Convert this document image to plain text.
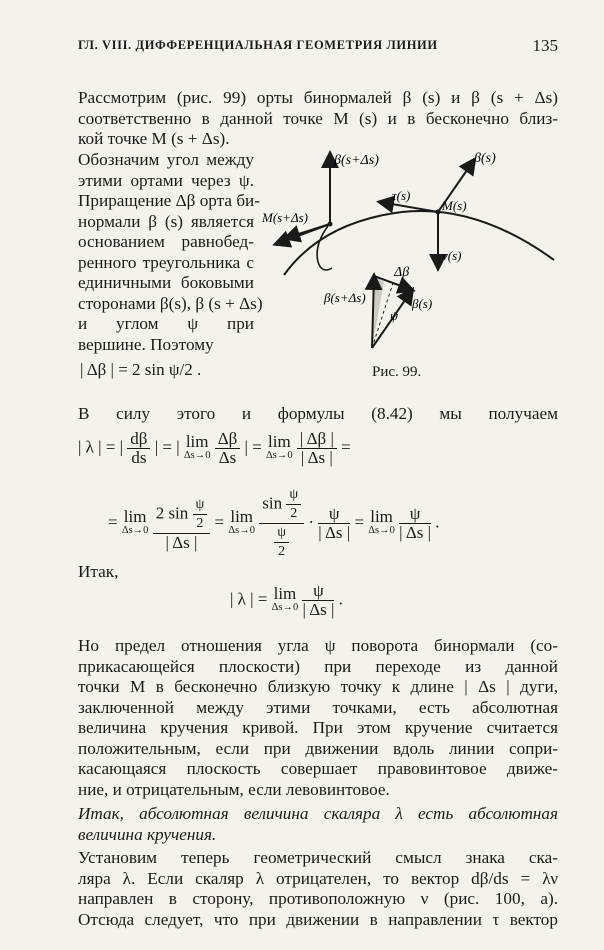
ГЛ. VIII. ДИФФЕРЕНЦИАЛЬНАЯ ГЕОМЕТРИЯ ЛИНИИ	135
Рассмотрим (рис. 99) орты бинормалей β (s) и β (s + Δs)
соответственно в данной точке M (s) и в бесконечно близ-
кой точке M (s + Δs).
Обозначим угол между
этими ортами через ψ.
Приращение Δβ орта би-
нормали β (s) является
основанием равнобед-
ренного треугольника с
единичными боковыми
сторонами β(s), β (s + Δs)
и углом ψ при
вершине. Поэтому
| Δβ | = 2 sin ψ/2 .
β(s+Δs)	β(s)
τ(s)
M(s+Δs)
M(s)
ν(s)
Δβ
β(s+Δs)	β(s)
ψ
Рис. 99.
В силу этого и формулы (8.42) мы получаем
| λ | = | $\frac{d\beta}{ds}$ | = | lim
Δs→0
$\frac{\Delta\beta}{\Delta s}$ | = lim
Δs→0
$\frac{| \Delta\beta |}{| \Delta s |}$ =
= lim
Δs→0
$\frac{2 \sin \frac{\psi}{2}}{| \Delta s |} = \lim$
Δs→0
$\frac{\sin \frac{\psi}{2}}{\frac{\psi}{2}} \cdot \frac{\psi}{| \Delta s |} = \lim$
Δs→0
$\frac{\psi}{| \Delta s |}$ .
Итак,
| λ | = lim
Δs→0
$\frac{\psi}{| \Delta s |}$ .
Но предел отношения угла ψ поворота бинормали (со-
прикасающейся плоскости) при переходе из данной
точки M в бесконечно близкую точку к длине | Δs | дуги,
заключенной между этими точками, есть абсолютная
величина кручения кривой. При этом кручение считается
положительным, если при движении вдоль линии сопри-
касающаяся плоскость совершает правовинтовое движе-
ние, и отрицательным, если левовинтовое.
Итак, абсолютная величина скаляра λ есть абсолютная
величина кручения.
Установим теперь геометрический смысл знака ска-
ляра λ. Если скаляр λ отрицателен, то вектор dβ/ds = λν
направлен в сторону, противоположную ν (рис. 100, а).
Отсюда следует, что при движении в направлении τ вектор
